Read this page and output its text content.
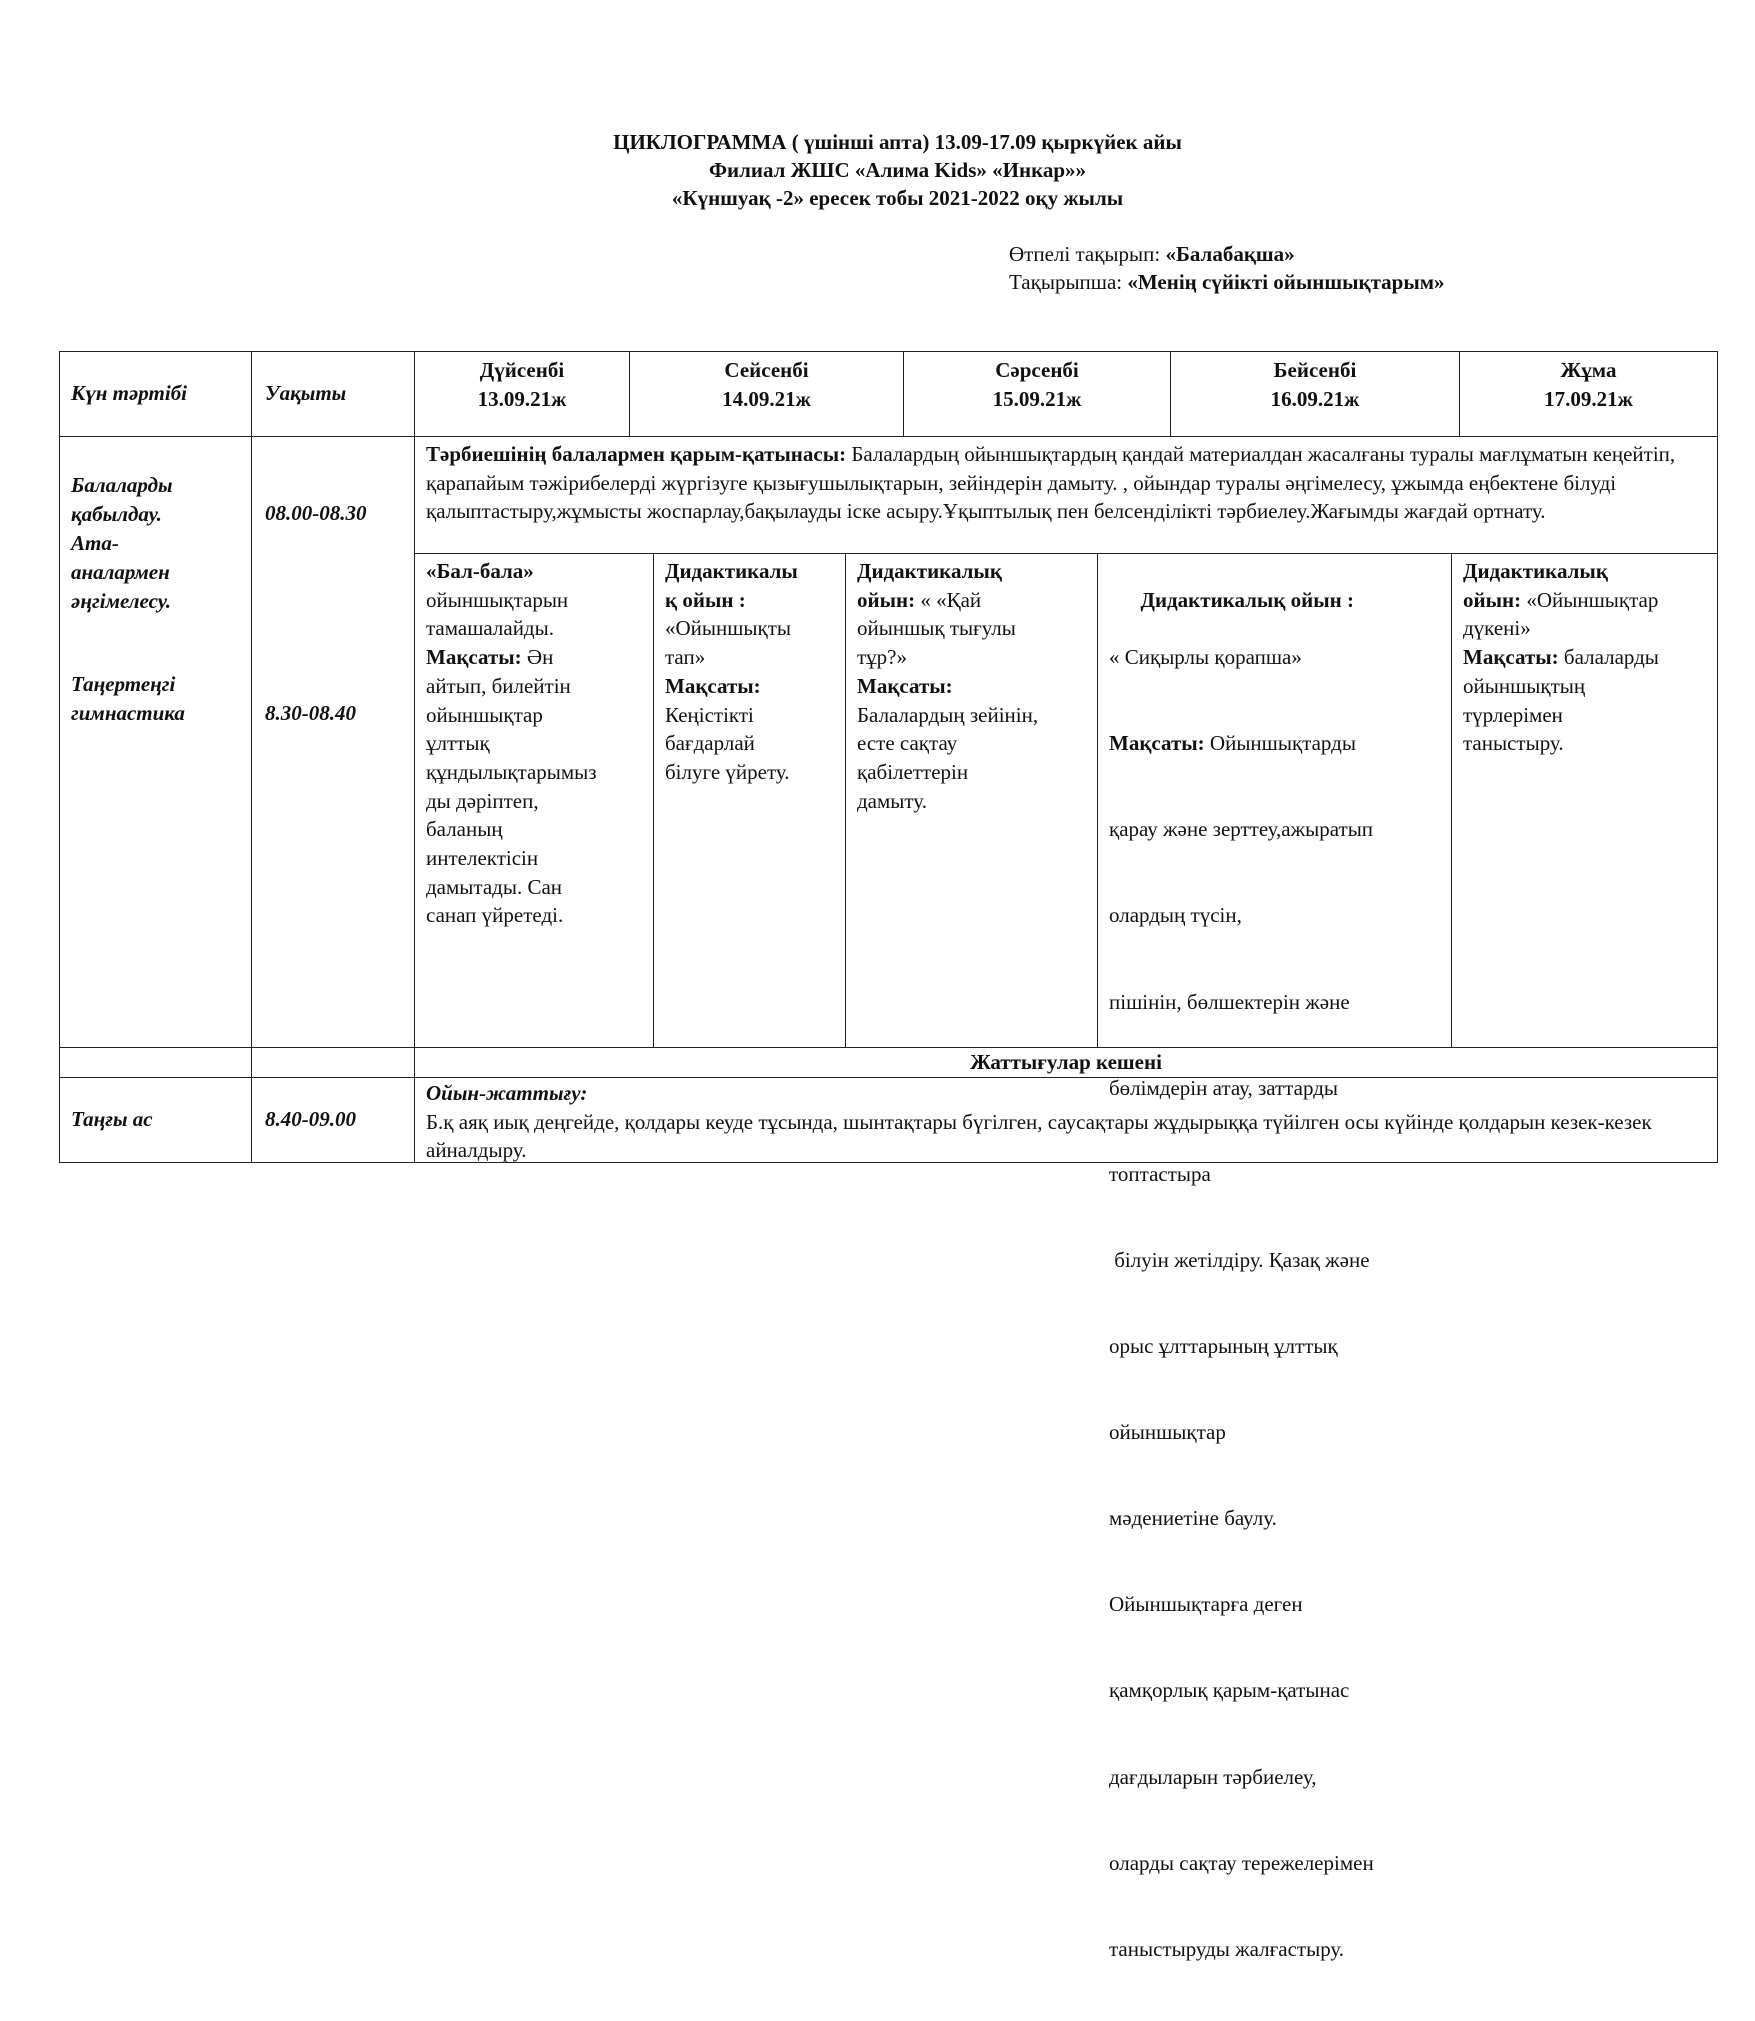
ЦИКЛОГРАММА ( үшінші апта) 13.09-17.09 қыркүйек айы
Филиал ЖШС «Алима Kids» «Инкар»»
«Күншуақ -2» ересек тобы 2021-2022 оқу жылы
Өтпелі тақырып: «Балабақша»
Тақырыпша: «Менің сүйікті ойыншықтарым»
Күн тәртібі	Уақыты
Дүйсенбі
13.09.21ж
Сейсенбі
14.09.21ж
Сәрсенбі
15.09.21ж
Бейсенбі
16.09.21ж
Жұма
17.09.21ж
Балаларды
қабылдау.
Ата-
аналармен
әңгімелесу.
Таңертеңгі
гимнастика
08.00-08.30
8.30-08.40
Тәрбиешінің балалармен қарым-қатынасы: Балалардың ойыншықтардың қандай материалдан жасалғаны туралы мағлұматын кеңейтіп, қарапайым тәжірибелерді жүргізуге қызығушылықтарын, зейіндерін дамыту. , ойындар туралы әңгімелесу, ұжымда еңбектене білуді қалыптастыру,жұмысты жоспарлау,бақылауды іске асыру.Ұқыптылық пен белсенділікті тәрбиелеу.Жағымды жағдай ортнату.
«Бал-бала»
ойыншықтарын
тамашалайды.
Мақсаты: Ән
айтып, билейтін
ойыншықтар
ұлттық
құндылықтарымыз
ды дәріптеп,
баланың
интелектісін
дамытады. Сан
санап үйретеді.
Дидактикалы
қ ойын :
«Ойыншықты
тап»
Мақсаты:
Кеңістікті
бағдарлай
білуге үйрету.
Дидактикалық
ойын: « «Қай
ойыншық тығулы
тұр?»
Мақсаты:
Балалардың зейінін,
есте сақтау
қабілеттерін
дамыту.

Дидактикалық ойын :

« Сиқырлы қорапша»

Мақсаты: Ойыншықтарды

қарау және зерттеу,ажыратып

олардың түсін,

пішінін, бөлшектерін және

бөлімдерін атау, заттарды

топтастыра

білуін жетілдіру. Қазақ және

орыс ұлттарының ұлттық

ойыншықтар

мәдениетіне баулу.

Ойыншықтарға деген

қамқорлық қарым-қатынас

дағдыларын тәрбиелеу,

оларды сақтау тережелерімен

таныстыруды жалғастыру.

Дидактикалық
ойын: «Ойыншықтар
дүкені»
Мақсаты: балаларды
ойыншықтың
түрлерімен
таныстыру.
Жаттығулар кешені
Таңғы ас	8.40-09.00
Ойын-жаттығу:
Б.қ аяқ иық деңгейде, қолдары кеуде тұсында, шынтақтары бүгілген, саусақтары жұдырыққа түйілген осы күйінде қолдарын кезек-кезек айналдыру.
